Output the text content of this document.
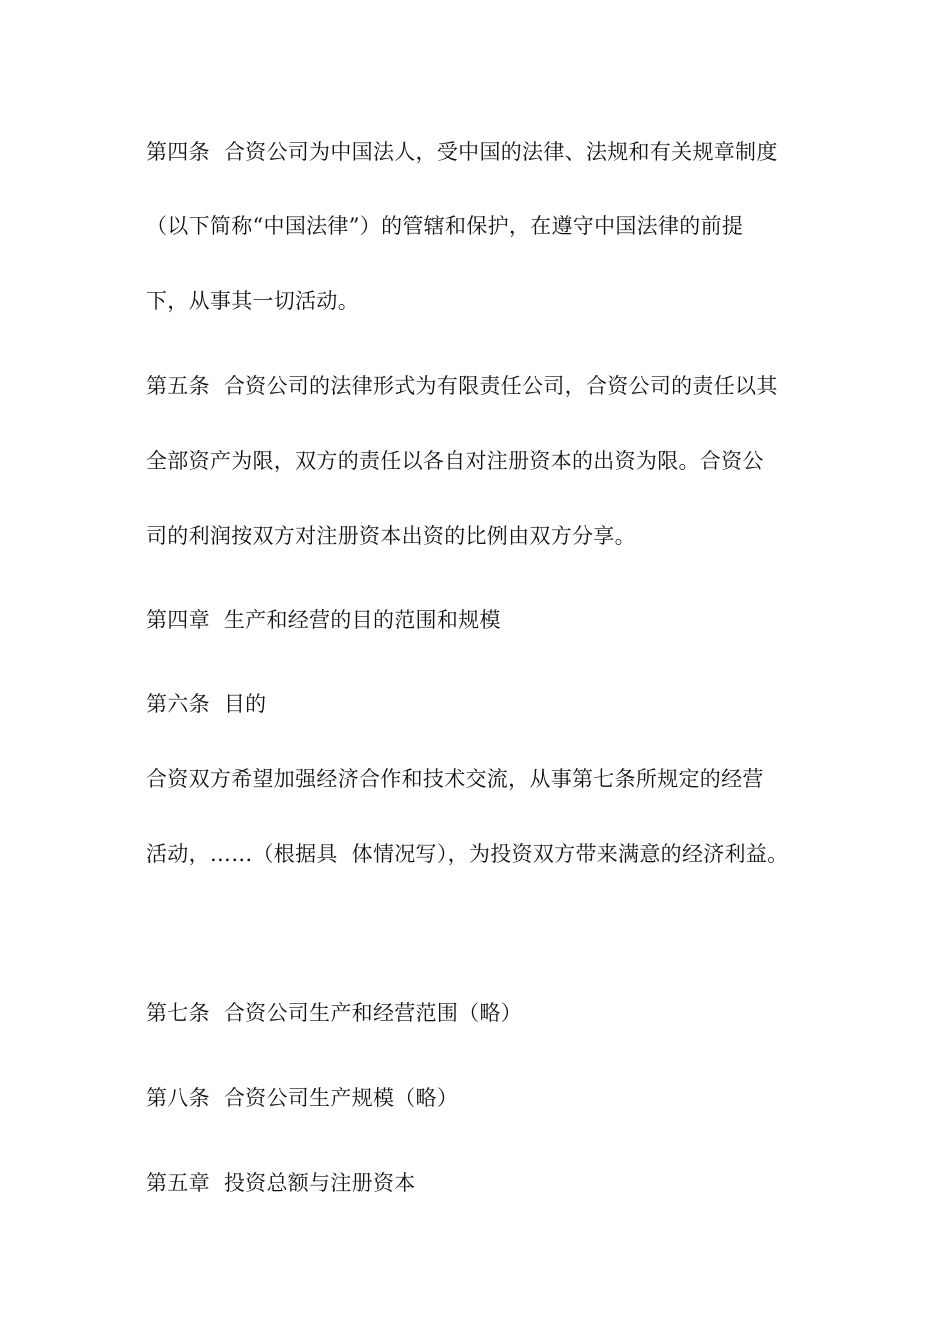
第四条  合资公司为中国法人，受中国的法律、法规和有关规章制度
（以下简称“中国法律”）的管辖和保护，在遵守中国法律的前提
下，从事其一切活动。
第五条  合资公司的法律形式为有限责任公司，合资公司的责任以其
全部资产为限，双方的责任以各自对注册资本的出资为限。合资公
司的利润按双方对注册资本出资的比例由双方分享。
第四章  生产和经营的目的范围和规模
第六条  目的
合资双方希望加强经济合作和技术交流，从事第七条所规定的经营
活动，……（根据具  体情况写），为投资双方带来满意的经济利益。
第七条  合资公司生产和经营范围（略）
第八条  合资公司生产规模（略）
第五章  投资总额与注册资本
